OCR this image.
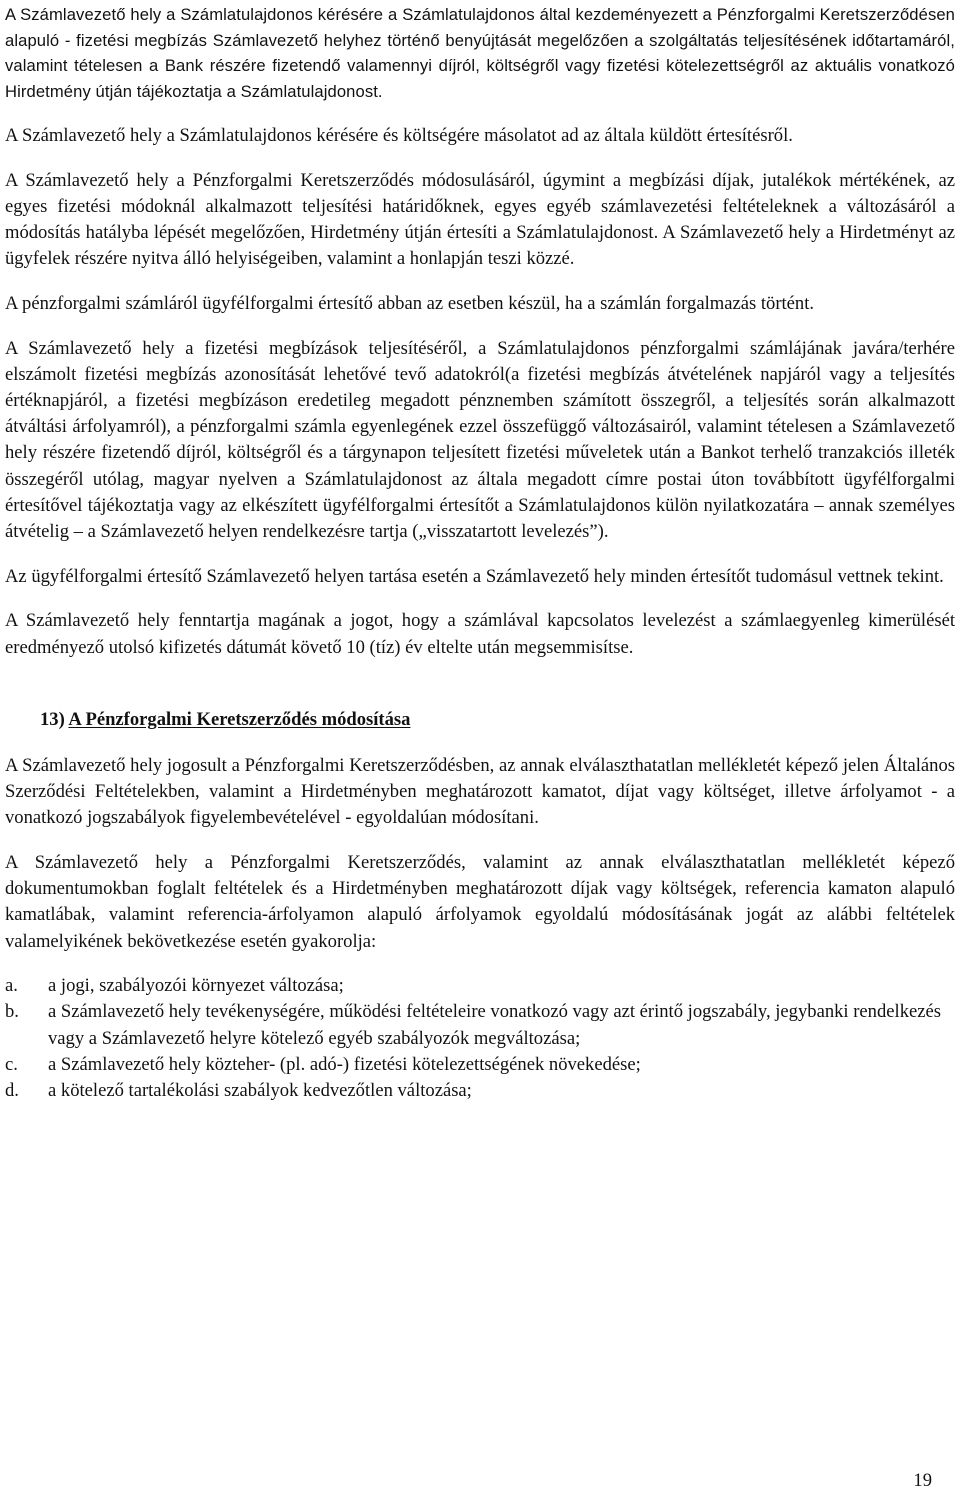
A Számlavezető hely a Számlatulajdonos kérésére a Számlatulajdonos által kezdeményezett a Pénzforgalmi Keretszerződésen alapuló - fizetési megbízás Számlavezető helyhez történő benyújtását megelőzően a szolgáltatás teljesítésének időtartamáról, valamint tételesen a Bank részére fizetendő valamennyi díjról, költségről vagy fizetési kötelezettségről az aktuális vonatkozó Hirdetmény útján tájékoztatja a Számlatulajdonost.

A Számlavezető hely a Számlatulajdonos kérésére és költségére másolatot ad az általa küldött értesítésről.

A Számlavezető hely a Pénzforgalmi Keretszerződés módosulásáról, úgymint a megbízási díjak, jutalékok mértékének, az egyes fizetési módoknál alkalmazott teljesítési határidőknek, egyes egyéb számlavezetési feltételeknek a változásáról a módosítás hatályba lépését megelőzően, Hirdetmény útján értesíti a Számlatulajdonost. A Számlavezető hely a Hirdetményt az ügyfelek részére nyitva álló helyiségeiben, valamint a honlapján teszi közzé.

A pénzforgalmi számláról ügyfélforgalmi értesítő abban az esetben készül, ha a számlán forgalmazás történt.

A Számlavezető hely a fizetési megbízások teljesítéséről, a Számlatulajdonos pénzforgalmi számlájának javára/terhére elszámolt fizetési megbízás azonosítását lehetővé tevő adatokról(a fizetési megbízás átvételének napjáról vagy a teljesítés értéknapjáról, a fizetési megbízáson eredetileg megadott pénznemben számított összegről, a teljesítés során alkalmazott átváltási árfolyamról), a pénzforgalmi számla egyenlegének ezzel összefüggő változásairól, valamint tételesen a Számlavezető hely részére fizetendő díjról, költségről és a tárgynapon teljesített fizetési műveletek után a Bankot terhelő tranzakciós illeték összegéről utólag, magyar nyelven a Számlatulajdonost az általa megadott címre postai úton továbbított ügyfélforgalmi értesítővel tájékoztatja vagy az elkészített ügyfélforgalmi értesítőt a Számlatulajdonos külön nyilatkozatára – annak személyes átvételig – a Számlavezető helyen rendelkezésre tartja („visszatartott levelezés”).

Az ügyfélforgalmi értesítő Számlavezető helyen tartása esetén a Számlavezető hely minden értesítőt tudomásul vettnek tekint.

A Számlavezető hely fenntartja magának a jogot, hogy a számlával kapcsolatos levelezést a számlaegyenleg kimerülését eredményező utolsó kifizetés dátumát követő 10 (tíz) év eltelte után megsemmisítse.

13) A Pénzforgalmi Keretszerződés módosítása

A Számlavezető hely jogosult a Pénzforgalmi Keretszerződésben, az annak elválaszthatatlan mellékletét képező jelen Általános Szerződési Feltételekben, valamint a Hirdetményben meghatározott kamatot, díjat vagy költséget, illetve árfolyamot - a vonatkozó jogszabályok figyelembevételével - egyoldalúan módosítani.

A Számlavezető hely a Pénzforgalmi Keretszerződés, valamint az annak elválaszthatatlan mellékletét képező dokumentumokban foglalt feltételek és a Hirdetményben meghatározott díjak vagy költségek, referencia kamaton alapuló kamatlábak, valamint referencia-árfolyamon alapuló árfolyamok egyoldalú módosításának jogát az alábbi feltételek valamelyikének bekövetkezése esetén gyakorolja:

a.	a jogi, szabályozói környezet változása;
b.	a Számlavezető hely tevékenységére, működési feltételeire vonatkozó vagy azt érintő jogszabály, jegybanki rendelkezés vagy a Számlavezető helyre kötelező egyéb szabályozók megváltozása;
c.	a Számlavezető hely közteher- (pl. adó-) fizetési kötelezettségének növekedése;
d.	a kötelező tartalékolási szabályok kedvezőtlen változása;
19
